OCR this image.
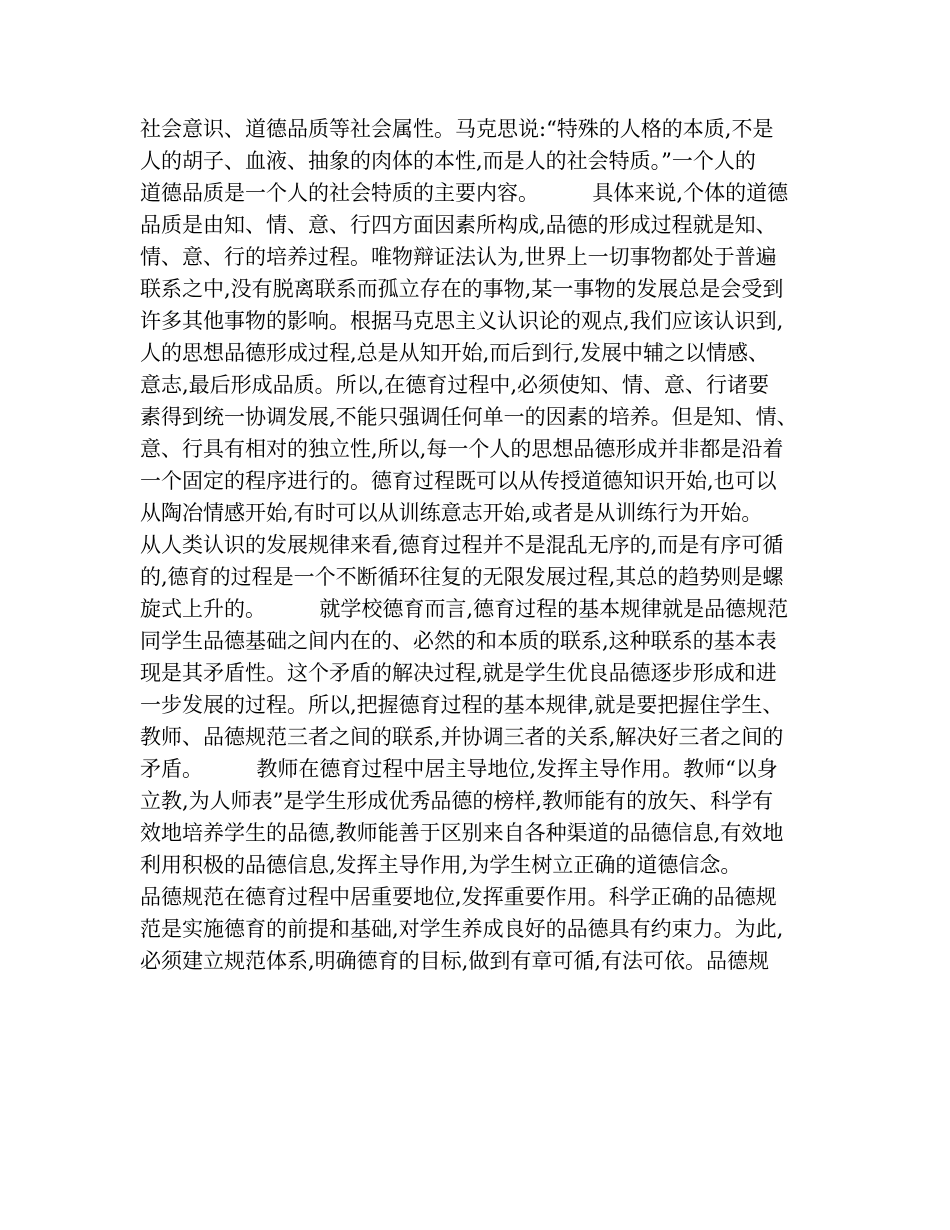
社会意识、道德品质等社会属性。马克思说:“特殊的人格的本质,不是
人的胡子、血液、抽象的肉体的本性,而是人的社会特质。”一个人的
道德品质是一个人的社会特质的主要内容。        具体来说,个体的道德
品质是由知、情、意、行四方面因素所构成,品德的形成过程就是知、
情、意、行的培养过程。唯物辩证法认为,世界上一切事物都处于普遍
联系之中,没有脱离联系而孤立存在的事物,某一事物的发展总是会受到
许多其他事物的影响。根据马克思主义认识论的观点,我们应该认识到,
人的思想品德形成过程,总是从知开始,而后到行,发展中辅之以情感、
意志,最后形成品质。所以,在德育过程中,必须使知、情、意、行诸要
素得到统一协调发展,不能只强调任何单一的因素的培养。但是知、情、
意、行具有相对的独立性,所以,每一个人的思想品德形成并非都是沿着
一个固定的程序进行的。德育过程既可以从传授道德知识开始,也可以
从陶冶情感开始,有时可以从训练意志开始,或者是从训练行为开始。
从人类认识的发展规律来看,德育过程并不是混乱无序的,而是有序可循
的,德育的过程是一个不断循环往复的无限发展过程,其总的趋势则是螺
旋式上升的。        就学校德育而言,德育过程的基本规律就是品德规范
同学生品德基础之间内在的、必然的和本质的联系,这种联系的基本表
现是其矛盾性。这个矛盾的解决过程,就是学生优良品德逐步形成和进
一步发展的过程。所以,把握德育过程的基本规律,就是要把握住学生、
教师、品德规范三者之间的联系,并协调三者的关系,解决好三者之间的
矛盾。        教师在德育过程中居主导地位,发挥主导作用。教师“以身
立教,为人师表”是学生形成优秀品德的榜样,教师能有的放矢、科学有
效地培养学生的品德,教师能善于区别来自各种渠道的品德信息,有效地
利用积极的品德信息,发挥主导作用,为学生树立正确的道德信念。
品德规范在德育过程中居重要地位,发挥重要作用。科学正确的品德规
范是实施德育的前提和基础,对学生养成良好的品德具有约束力。为此,
必须建立规范体系,明确德育的目标,做到有章可循,有法可依。品德规
